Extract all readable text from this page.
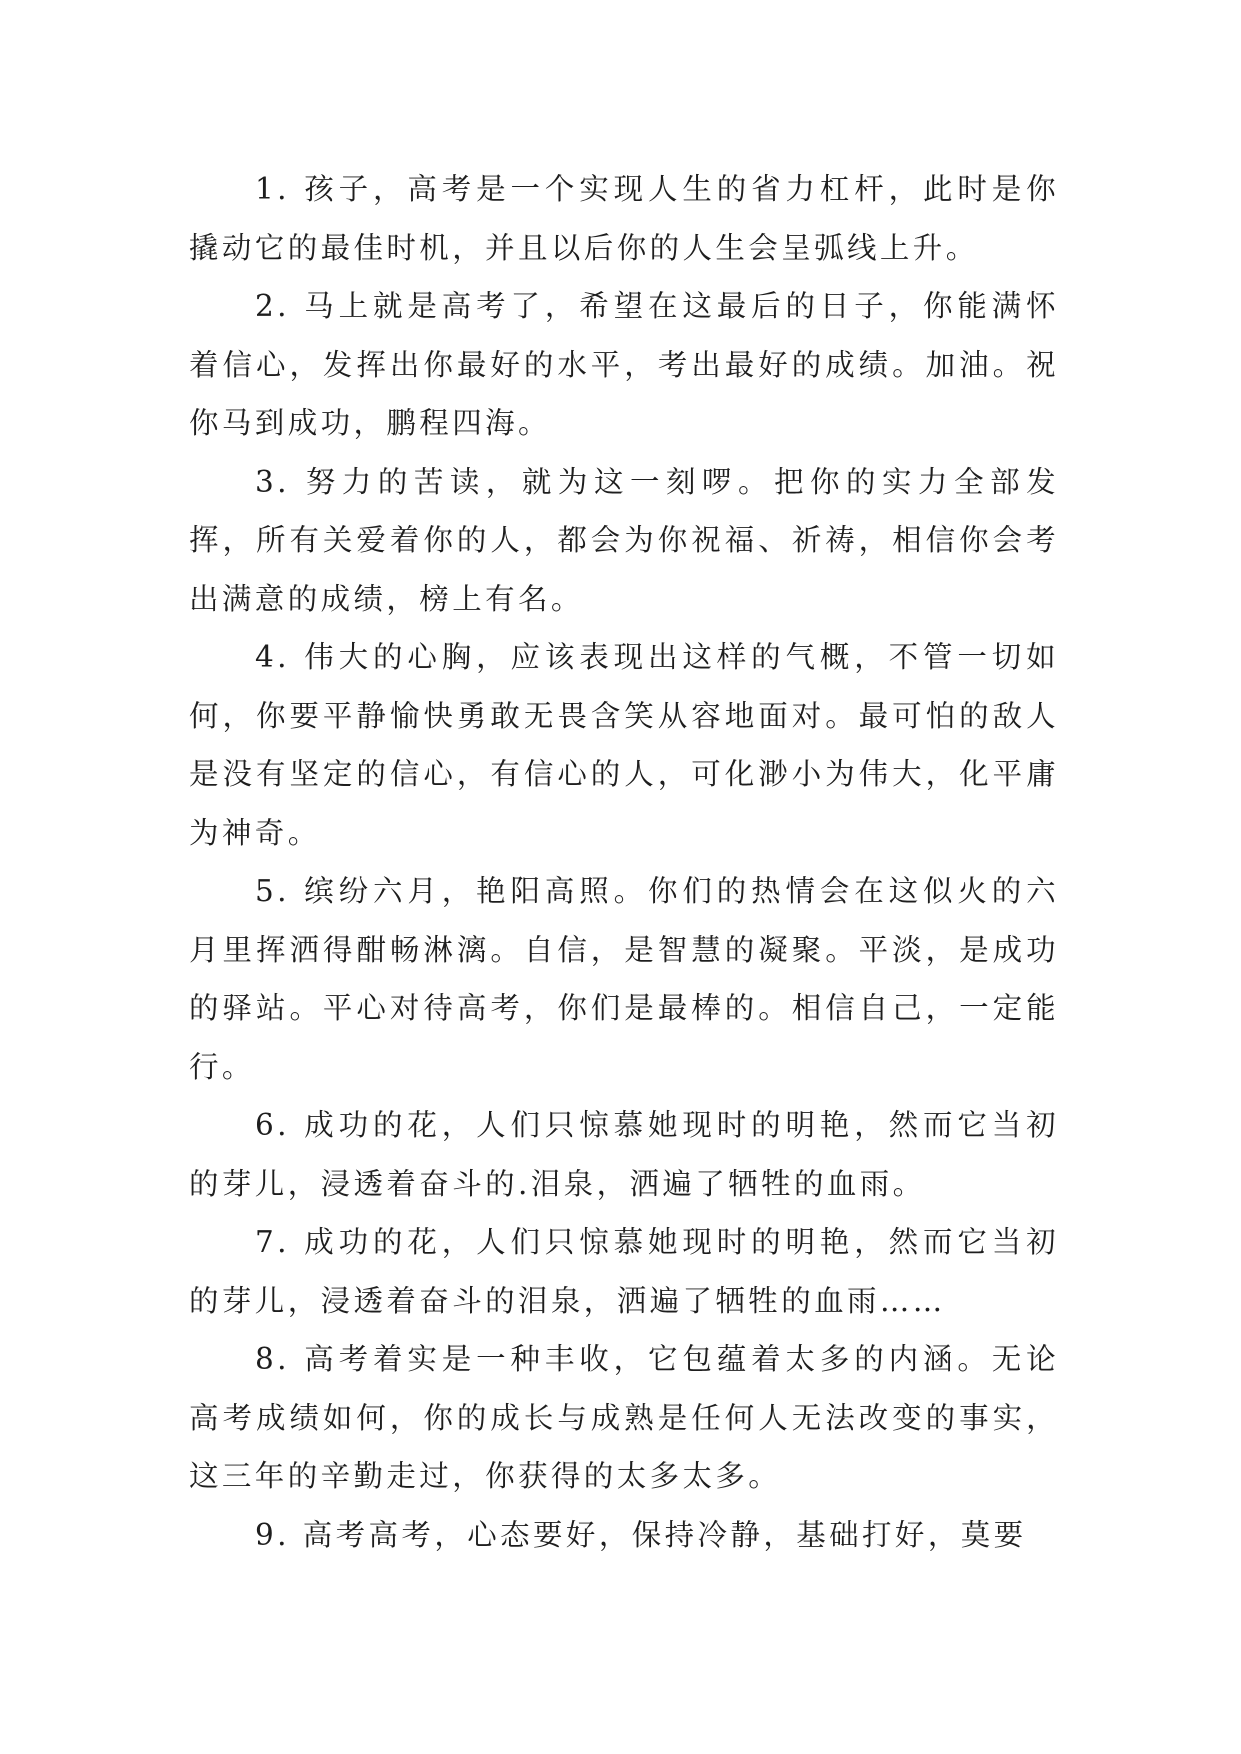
1. 孩子，高考是一个实现人生的省力杠杆，此时是你撬动它的最佳时机，并且以后你的人生会呈弧线上升。

2. 马上就是高考了，希望在这最后的日子，你能满怀着信心，发挥出你最好的水平，考出最好的成绩。加油。祝你马到成功，鹏程四海。

3. 努力的苦读，就为这一刻啰。把你的实力全部发挥，所有关爱着你的人，都会为你祝福、祈祷，相信你会考出满意的成绩，榜上有名。

4. 伟大的心胸，应该表现出这样的气概，不管一切如何，你要平静愉快勇敢无畏含笑从容地面对。最可怕的敌人是没有坚定的信心，有信心的人，可化渺小为伟大，化平庸为神奇。

5. 缤纷六月，艳阳高照。你们的热情会在这似火的六月里挥洒得酣畅淋漓。自信，是智慧的凝聚。平淡，是成功的驿站。平心对待高考，你们是最棒的。相信自己，一定能行。

6. 成功的花，人们只惊慕她现时的明艳，然而它当初的芽儿，浸透着奋斗的.泪泉，洒遍了牺牲的血雨。

7. 成功的花，人们只惊慕她现时的明艳，然而它当初的芽儿，浸透着奋斗的泪泉，洒遍了牺牲的血雨……

8. 高考着实是一种丰收，它包蕴着太多的内涵。无论高考成绩如何，你的成长与成熟是任何人无法改变的事实，这三年的辛勤走过，你获得的太多太多。

9. 高考高考，心态要好，保持冷静，基础打好，莫要
